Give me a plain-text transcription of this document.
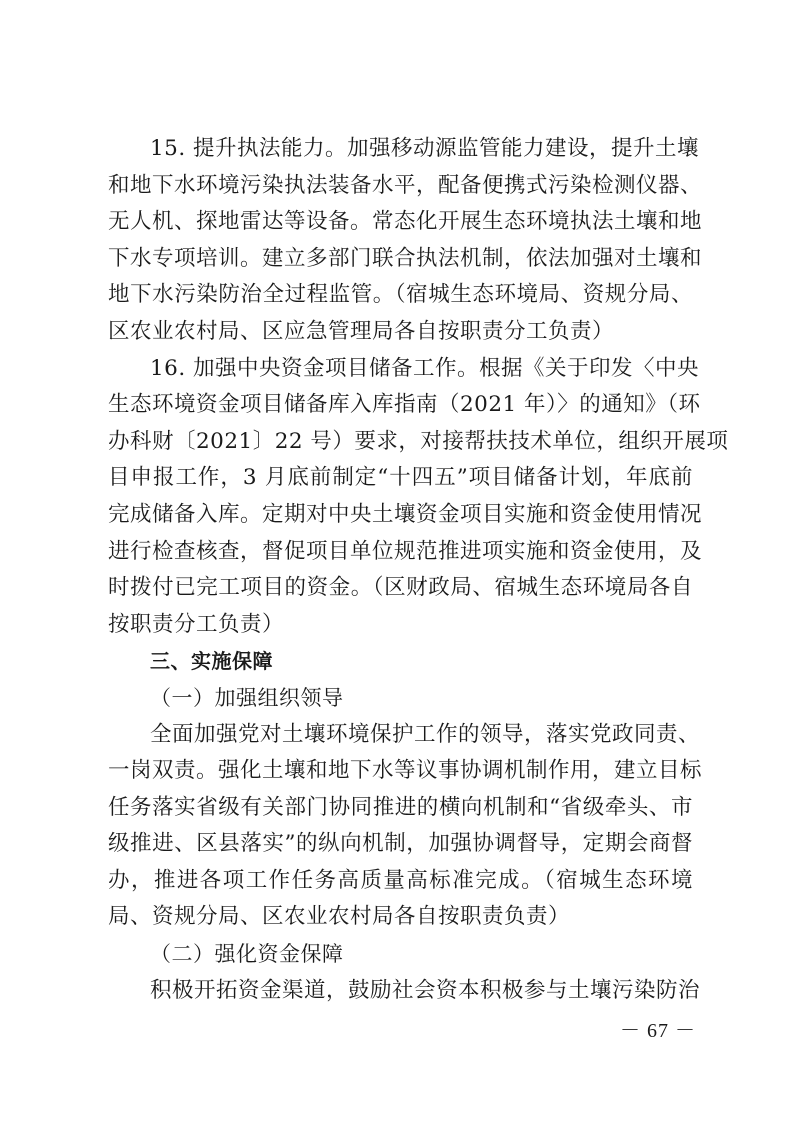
15. 提升执法能力。加强移动源监管能力建设，提升土壤
和地下水环境污染执法装备水平，配备便携式污染检测仪器、
无人机、探地雷达等设备。常态化开展生态环境执法土壤和地
下水专项培训。建立多部门联合执法机制，依法加强对土壤和
地下水污染防治全过程监管。（宿城生态环境局、资规分局、
区农业农村局、区应急管理局各自按职责分工负责）
16. 加强中央资金项目储备工作。根据《关于印发〈中央
生态环境资金项目储备库入库指南（2021 年）〉的通知》（环
办科财〔2021〕22 号）要求，对接帮扶技术单位，组织开展项
目申报工作，3 月底前制定“十四五”项目储备计划，年底前
完成储备入库。定期对中央土壤资金项目实施和资金使用情况
进行检查核查，督促项目单位规范推进项实施和资金使用，及
时拨付已完工项目的资金。（区财政局、宿城生态环境局各自
按职责分工负责）
三、实施保障
（一）加强组织领导
全面加强党对土壤环境保护工作的领导，落实党政同责、
一岗双责。强化土壤和地下水等议事协调机制作用，建立目标
任务落实省级有关部门协同推进的横向机制和“省级牵头、市
级推进、区县落实”的纵向机制，加强协调督导，定期会商督
办，推进各项工作任务高质量高标准完成。（宿城生态环境
局、资规分局、区农业农村局各自按职责负责）
（二）强化资金保障
积极开拓资金渠道，鼓励社会资本积极参与土壤污染防治
－ 67 －
